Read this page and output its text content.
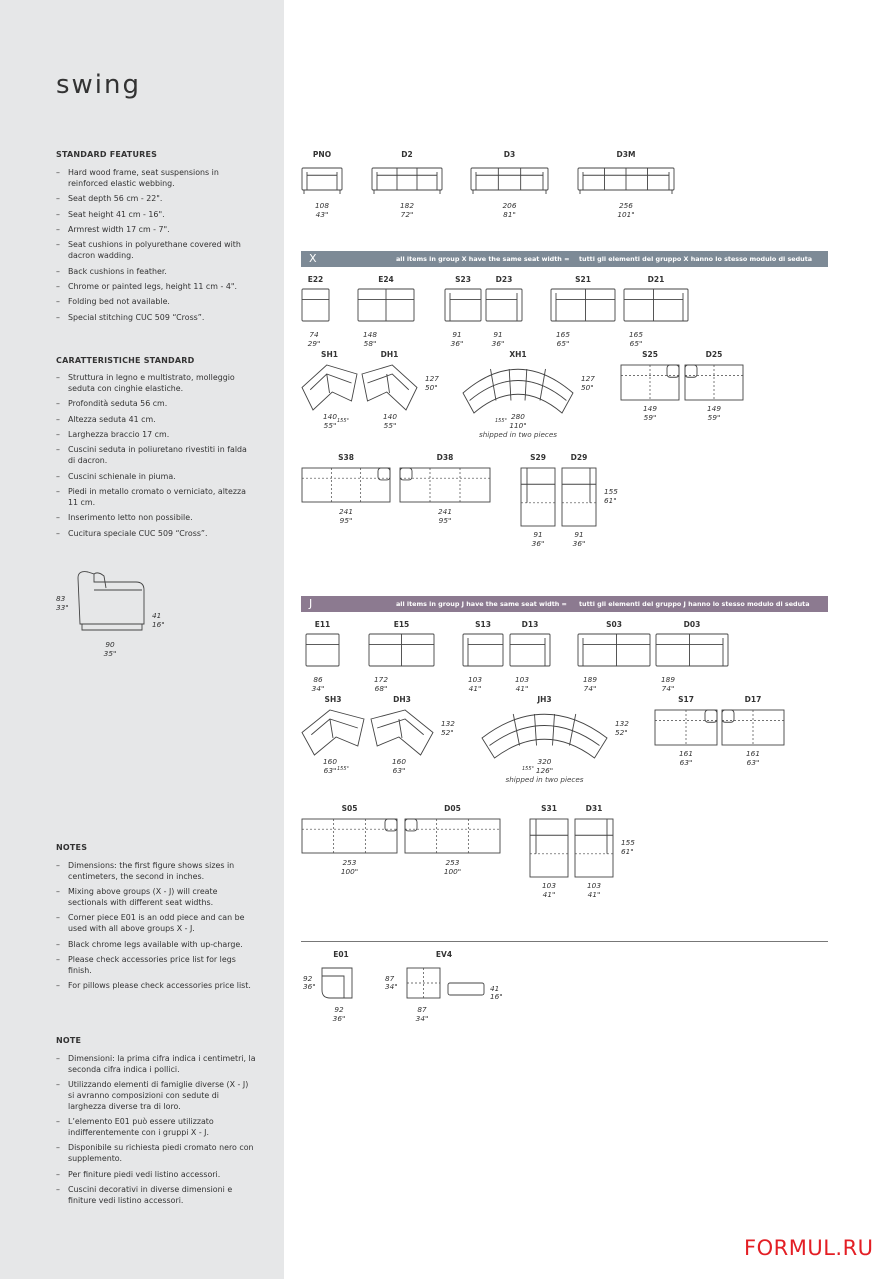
swing
STANDARD FEATURES
– Hard wood frame, seat suspensions in reinforced elastic webbing.
– Seat depth 56 cm - 22".
– Seat height 41 cm - 16".
– Armrest width 17 cm - 7".
– Seat cushions in polyurethane covered with dacron wadding.
– Back cushions in feather.
– Chrome or painted legs, height 11 cm - 4".
– Folding bed not available.
– Special stitching CUC 509 “Cross”.
CARATTERISTICHE STANDARD
– Struttura in legno e multistrato, molleggio seduta con cinghie elastiche.
– Profondità seduta 56 cm.
– Altezza seduta 41 cm.
– Larghezza braccio 17 cm.
– Cuscini seduta in poliuretano rivestiti in falda di dacron.
– Cuscini schienale in piuma.
– Piedi in metallo cromato o verniciato, altezza 11 cm.
– Inserimento letto non possibile.
– Cucitura speciale CUC 509 “Cross”.
83
33"
41
16"
90
35"
NOTES
– Dimensions: the first figure shows sizes in centimeters, the second in inches.
– Mixing above groups (X - J) will create sectionals with different seat widths.
– Corner piece E01 is an odd piece and can be used with all above groups X - J.
– Black chrome legs available with up-charge.
– Please check accessories price list for legs finish.
– For pillows please check accessories price list.
NOTE
– Dimensioni: la prima cifra indica i centimetri, la seconda cifra indica i pollici.
– Utilizzando elementi di famiglie diverse (X - J) si avranno composizioni con sedute di larghezza diverse tra di loro.
– L’elemento E01 può essere utilizzato indifferentemente con i gruppi X - J.
– Disponibile su richiesta piedi cromato nero con supplemento.
– Per finiture piedi vedi listino accessori.
– Cuscini decorativi in diverse dimensioni e finiture vedi listino accessori.
X	all items in group X have the same seat width = tutti gli elementi del gruppo X hanno lo stesso modulo di seduta
J	all items in group J have the same seat width = tutti gli elementi del gruppo J hanno lo stesso modulo di seduta
PNO
108
43"
D2
182
72"
D3
206
81"
D3M
256
101"
E22
74
29"
E24
148
58"
S23
91
36"
D23
91
36"
S21
165
65"
D21
165
65"
SH1
140
55"
DH1
140
55"
XH1
280
110"
shipped in two pieces
127
50"
127
50"
S25
149
59"
D25
149
59"
S38
241
95"
D38
241
95"
S29
91
36"
D29
91
36"
155
61"
E11
86
34"
E15
172
68"
S13
103
41"
D13
103
41"
S03
189
74"
D03
189
74"
SH3
160
63"
DH3
160
63"
JH3
320
126"
shipped in two pieces
132
52"
132
52"
S17
161
63"
D17
161
63"
S05
253
100"
D05
253
100"
S31
103
41"
D31
103
41"
155
61"
E01
92
36"
92
36"
EV4
87
34"
87
34"
41
16"
155°	155°
155°	155°
FORMUL.RU
